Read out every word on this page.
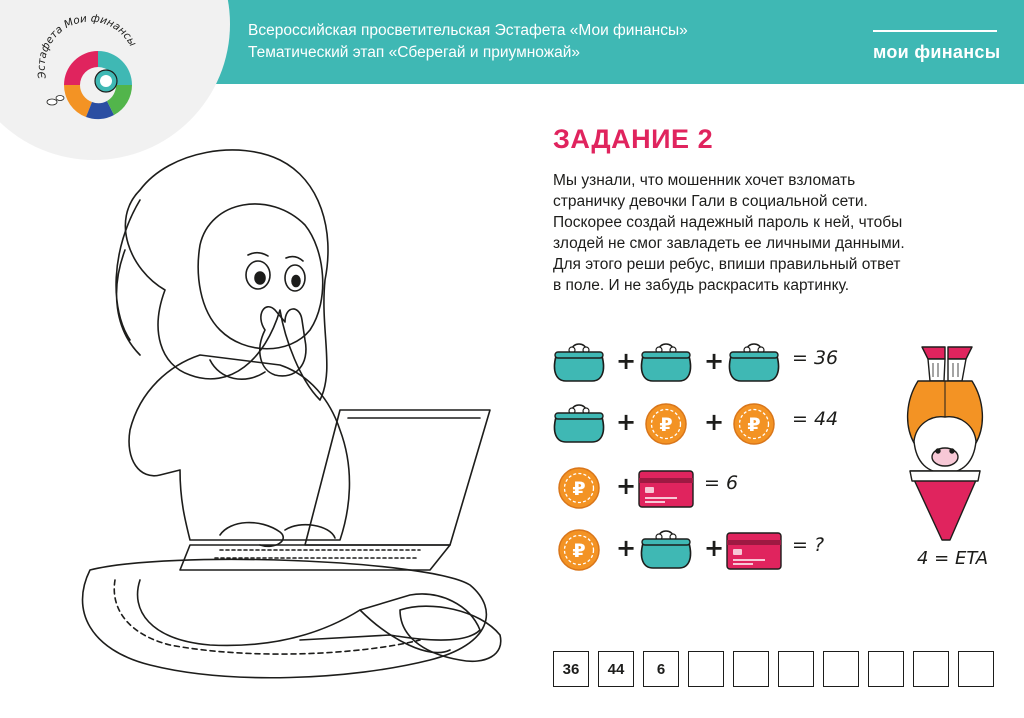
Всероссийская просветительская Эстафета «Мои финансы»
Тематический этап «Сберегай и приумножай»	мои финансы
Эстафета Мои финансы
ЗАДАНИЕ 2
Мы узнали, что мошенник хочет взломать
страничку девочки Гали в социальной сети.
Поскорее создай надежный пароль к ней, чтобы
злодей не смог завладеть ее личными данными.
Для этого реши ребус, впиши правильный ответ
в поле. И не забудь раскрасить картинку.
+	+	= 36
+ ₽ + ₽ = 44
₽ +	= 6
₽ +	+	= ?
4 = ETA
36	44	6
